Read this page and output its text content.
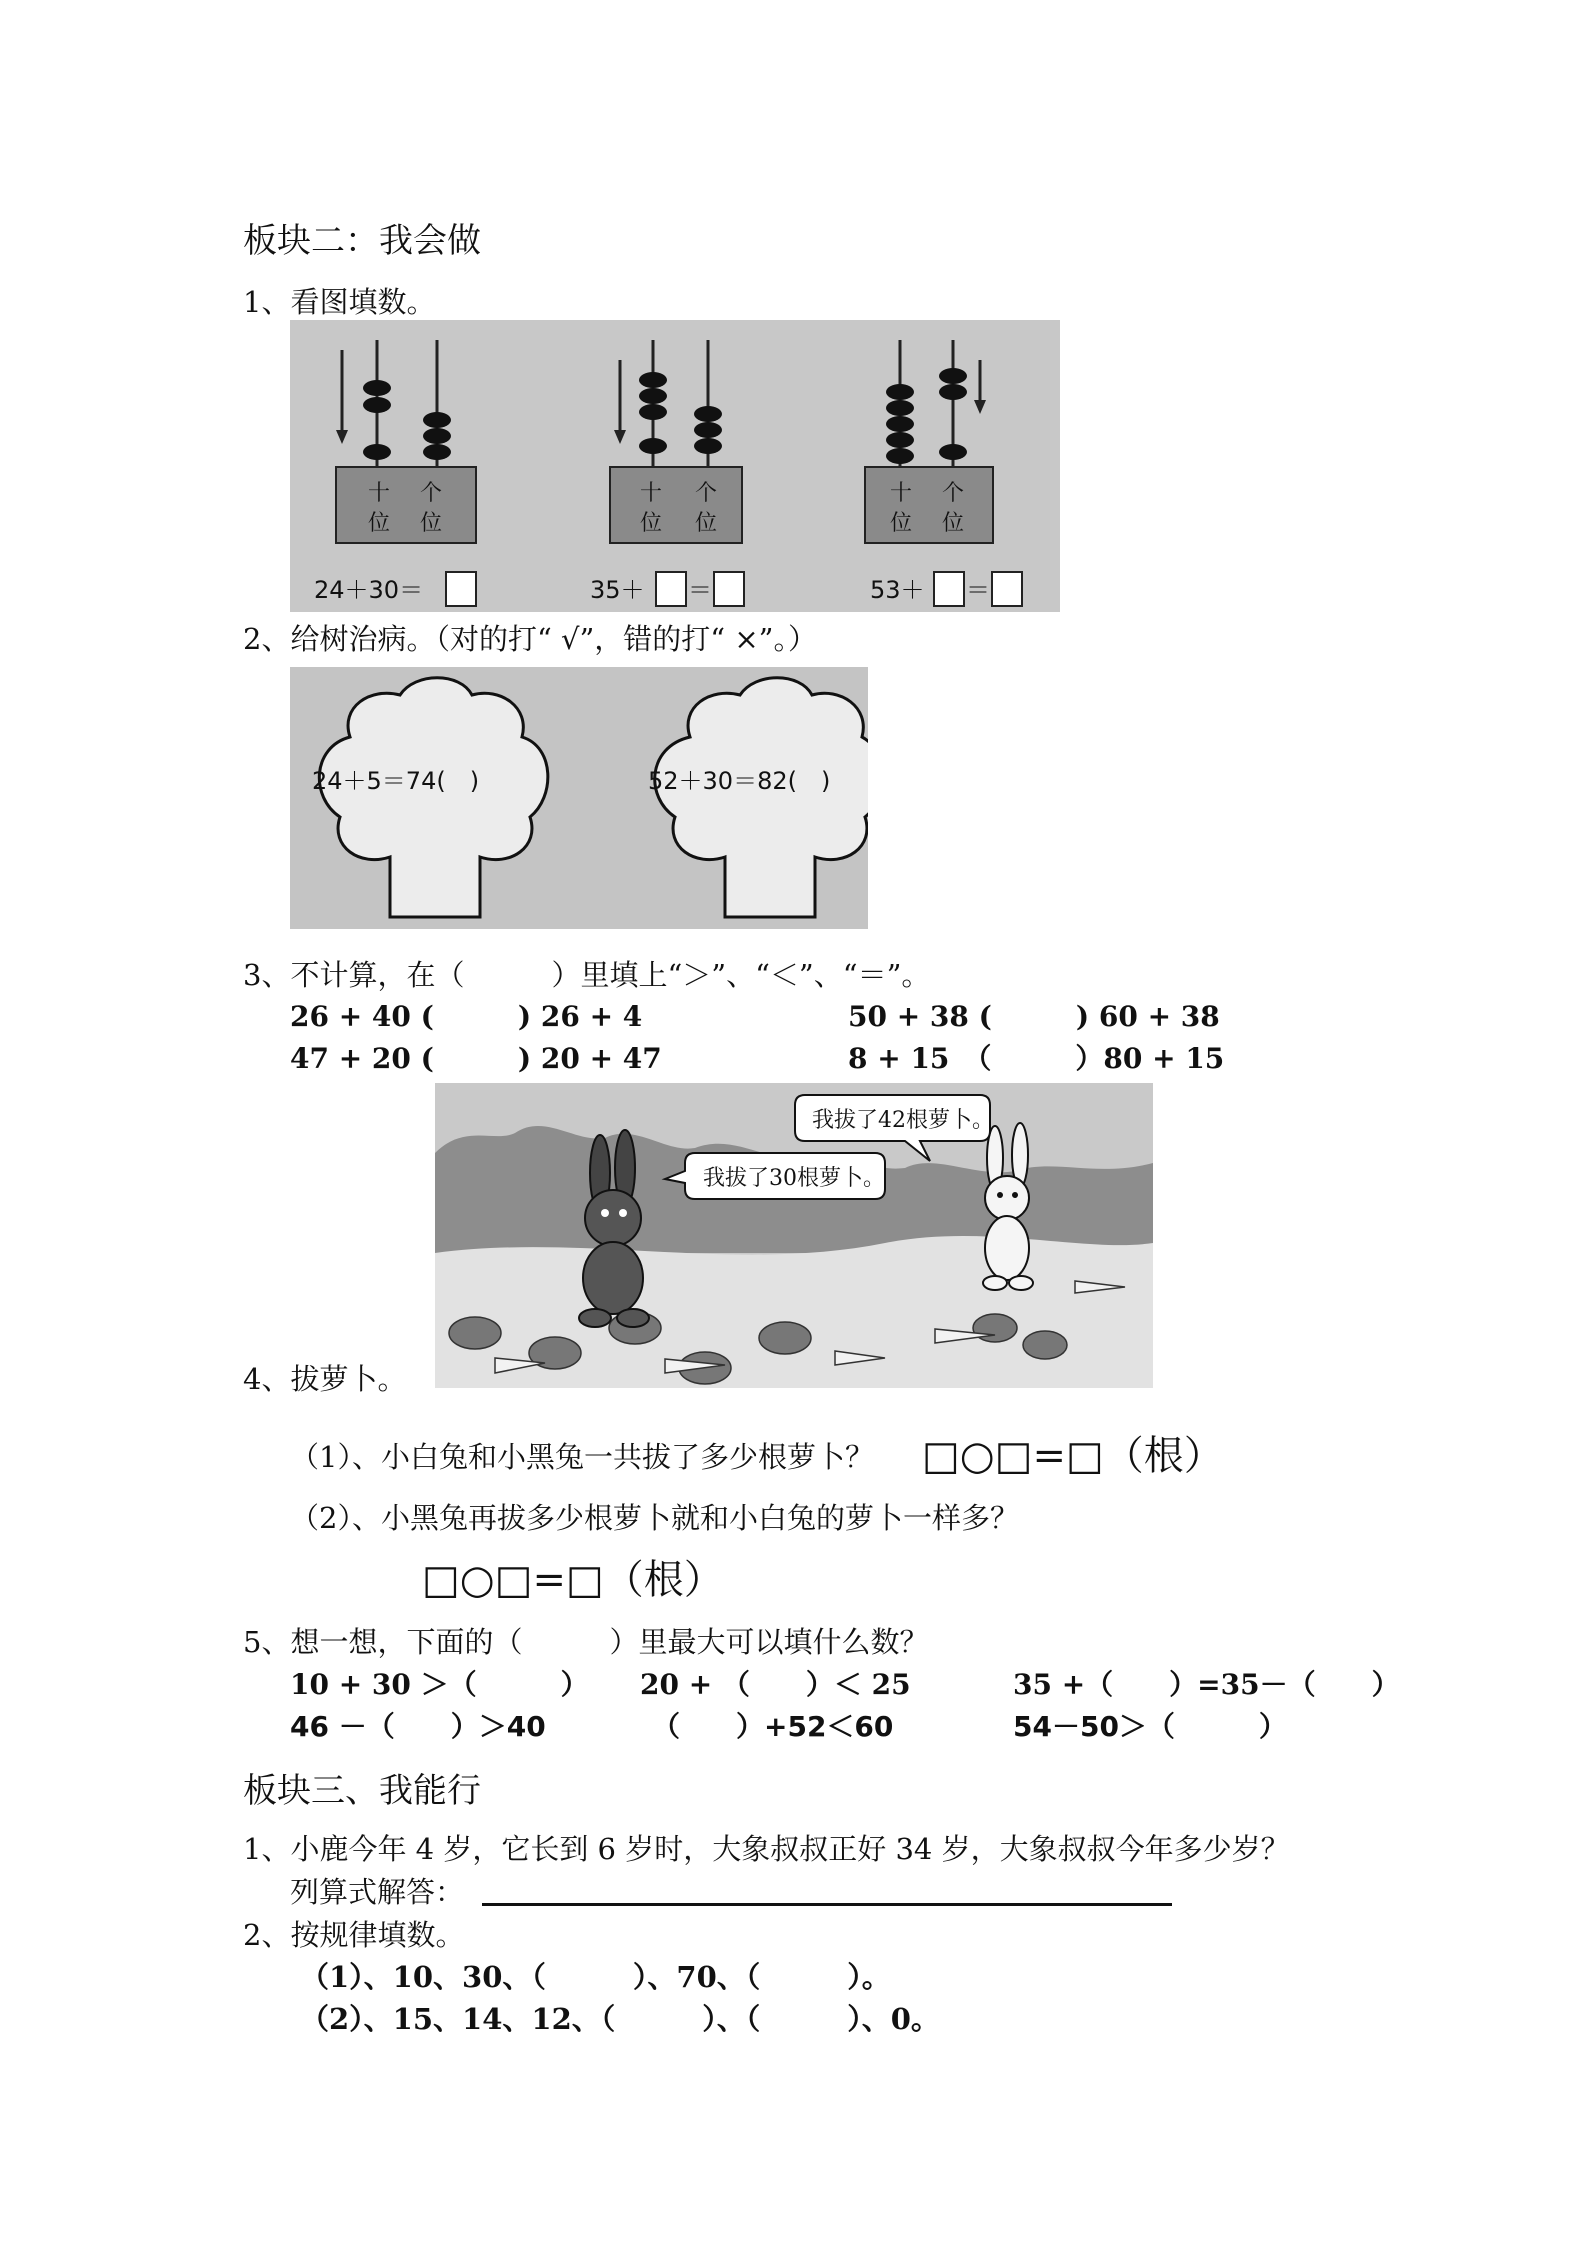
板块二：我会做
1、看图填数。
十 个
位 位
24＋30＝
十 个
位 位
35＋ ＝
十 个
位 位
53＋ ＝
2、给树治病。（对的打“ √”，错的打“ ×”。）
24＋5＝74(　)	52＋30＝82(　)
3、不计算，在（　　　）里填上“＞”、“＜”、“＝”。
26 + 40 (　　　) 26 + 4	50 + 38 (　　　) 60 + 38
47 + 20 (　　　) 20 + 47	8 + 15　（　　　）80 + 15
我拔了42根萝卜。
我拔了30根萝卜。
4、拔萝卜。
（1）、小白兔和小黑兔一共拔了多少根萝卜？ □○□=□（根）
（2）、小黑兔再拔多少根萝卜就和小白兔的萝卜一样多？
□○□=□（根）
5、想一想，下面的（　　　）里最大可以填什么数？
10 + 30 ＞（　　　） 20 + （　　）＜ 25	35 +（　　）=35－（　　）
46 －（　　）＞40	（　　）+52＜60	54－50＞（　　　）
板块三、我能行
1、小鹿今年 4 岁，它长到 6 岁时，大象叔叔正好 34 岁，大象叔叔今年多少岁？
列算式解答：
2、按规律填数。
（1）、10、30、（　　　）、70、（　　　）。
（2）、15、14、12、（　　　）、（　　　）、0。
